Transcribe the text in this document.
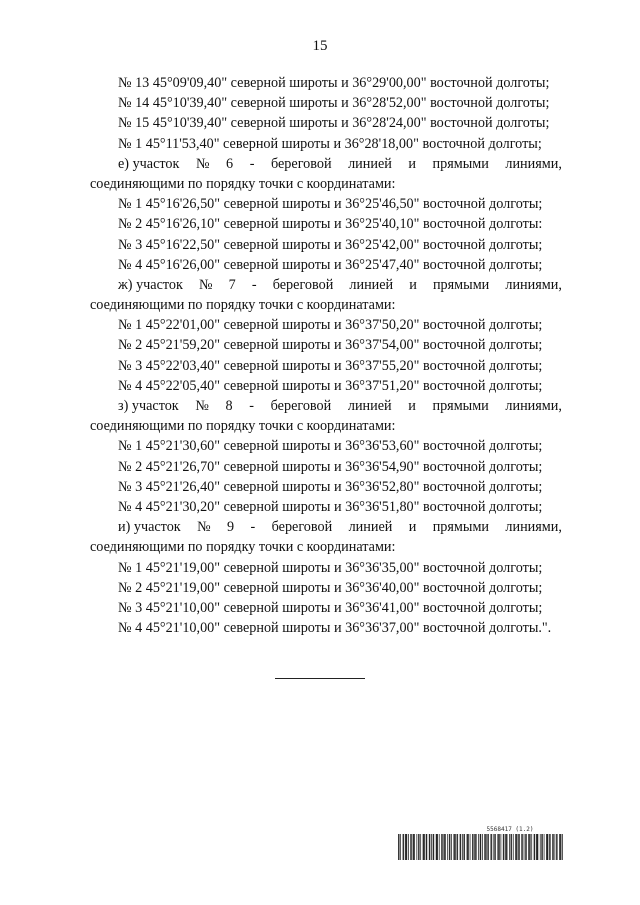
15
№ 13 45°09'09,40" северной широты и 36°29'00,00" восточной долготы;
№ 14 45°10'39,40" северной широты и 36°28'52,00" восточной долготы;
№ 15 45°10'39,40" северной широты и 36°28'24,00" восточной долготы;
№ 1 45°11'53,40" северной широты и 36°28'18,00" восточной долготы;
е) участок № 6 - береговой линией и прямыми линиями,
соединяющими по порядку точки с координатами:
№ 1 45°16'26,50" северной широты и 36°25'46,50" восточной долготы;
№ 2 45°16'26,10" северной широты и 36°25'40,10" восточной долготы:
№ 3 45°16'22,50" северной широты и 36°25'42,00" восточной долготы;
№ 4 45°16'26,00" северной широты и 36°25'47,40" восточной долготы;
ж) участок № 7 - береговой линией и прямыми линиями,
соединяющими по порядку точки с координатами:
№ 1 45°22'01,00" северной широты и 36°37'50,20" восточной долготы;
№ 2 45°21'59,20" северной широты и 36°37'54,00" восточной долготы;
№ 3 45°22'03,40" северной широты и 36°37'55,20" восточной долготы;
№ 4 45°22'05,40" северной широты и 36°37'51,20" восточной долготы;
з) участок № 8 - береговой линией и прямыми линиями,
соединяющими по порядку точки с координатами:
№ 1 45°21'30,60" северной широты и 36°36'53,60" восточной долготы;
№ 2 45°21'26,70" северной широты и 36°36'54,90" восточной долготы;
№ 3 45°21'26,40" северной широты и 36°36'52,80" восточной долготы;
№ 4 45°21'30,20" северной широты и 36°36'51,80" восточной долготы;
и) участок № 9 - береговой линией и прямыми линиями,
соединяющими по порядку точки с координатами:
№ 1 45°21'19,00" северной широты и 36°36'35,00" восточной долготы;
№ 2 45°21'19,00" северной широты и 36°36'40,00" восточной долготы;
№ 3 45°21'10,00" северной широты и 36°36'41,00" восточной долготы;
№ 4 45°21'10,00" северной широты и 36°36'37,00" восточной долготы.".
5568417 (1.2)
